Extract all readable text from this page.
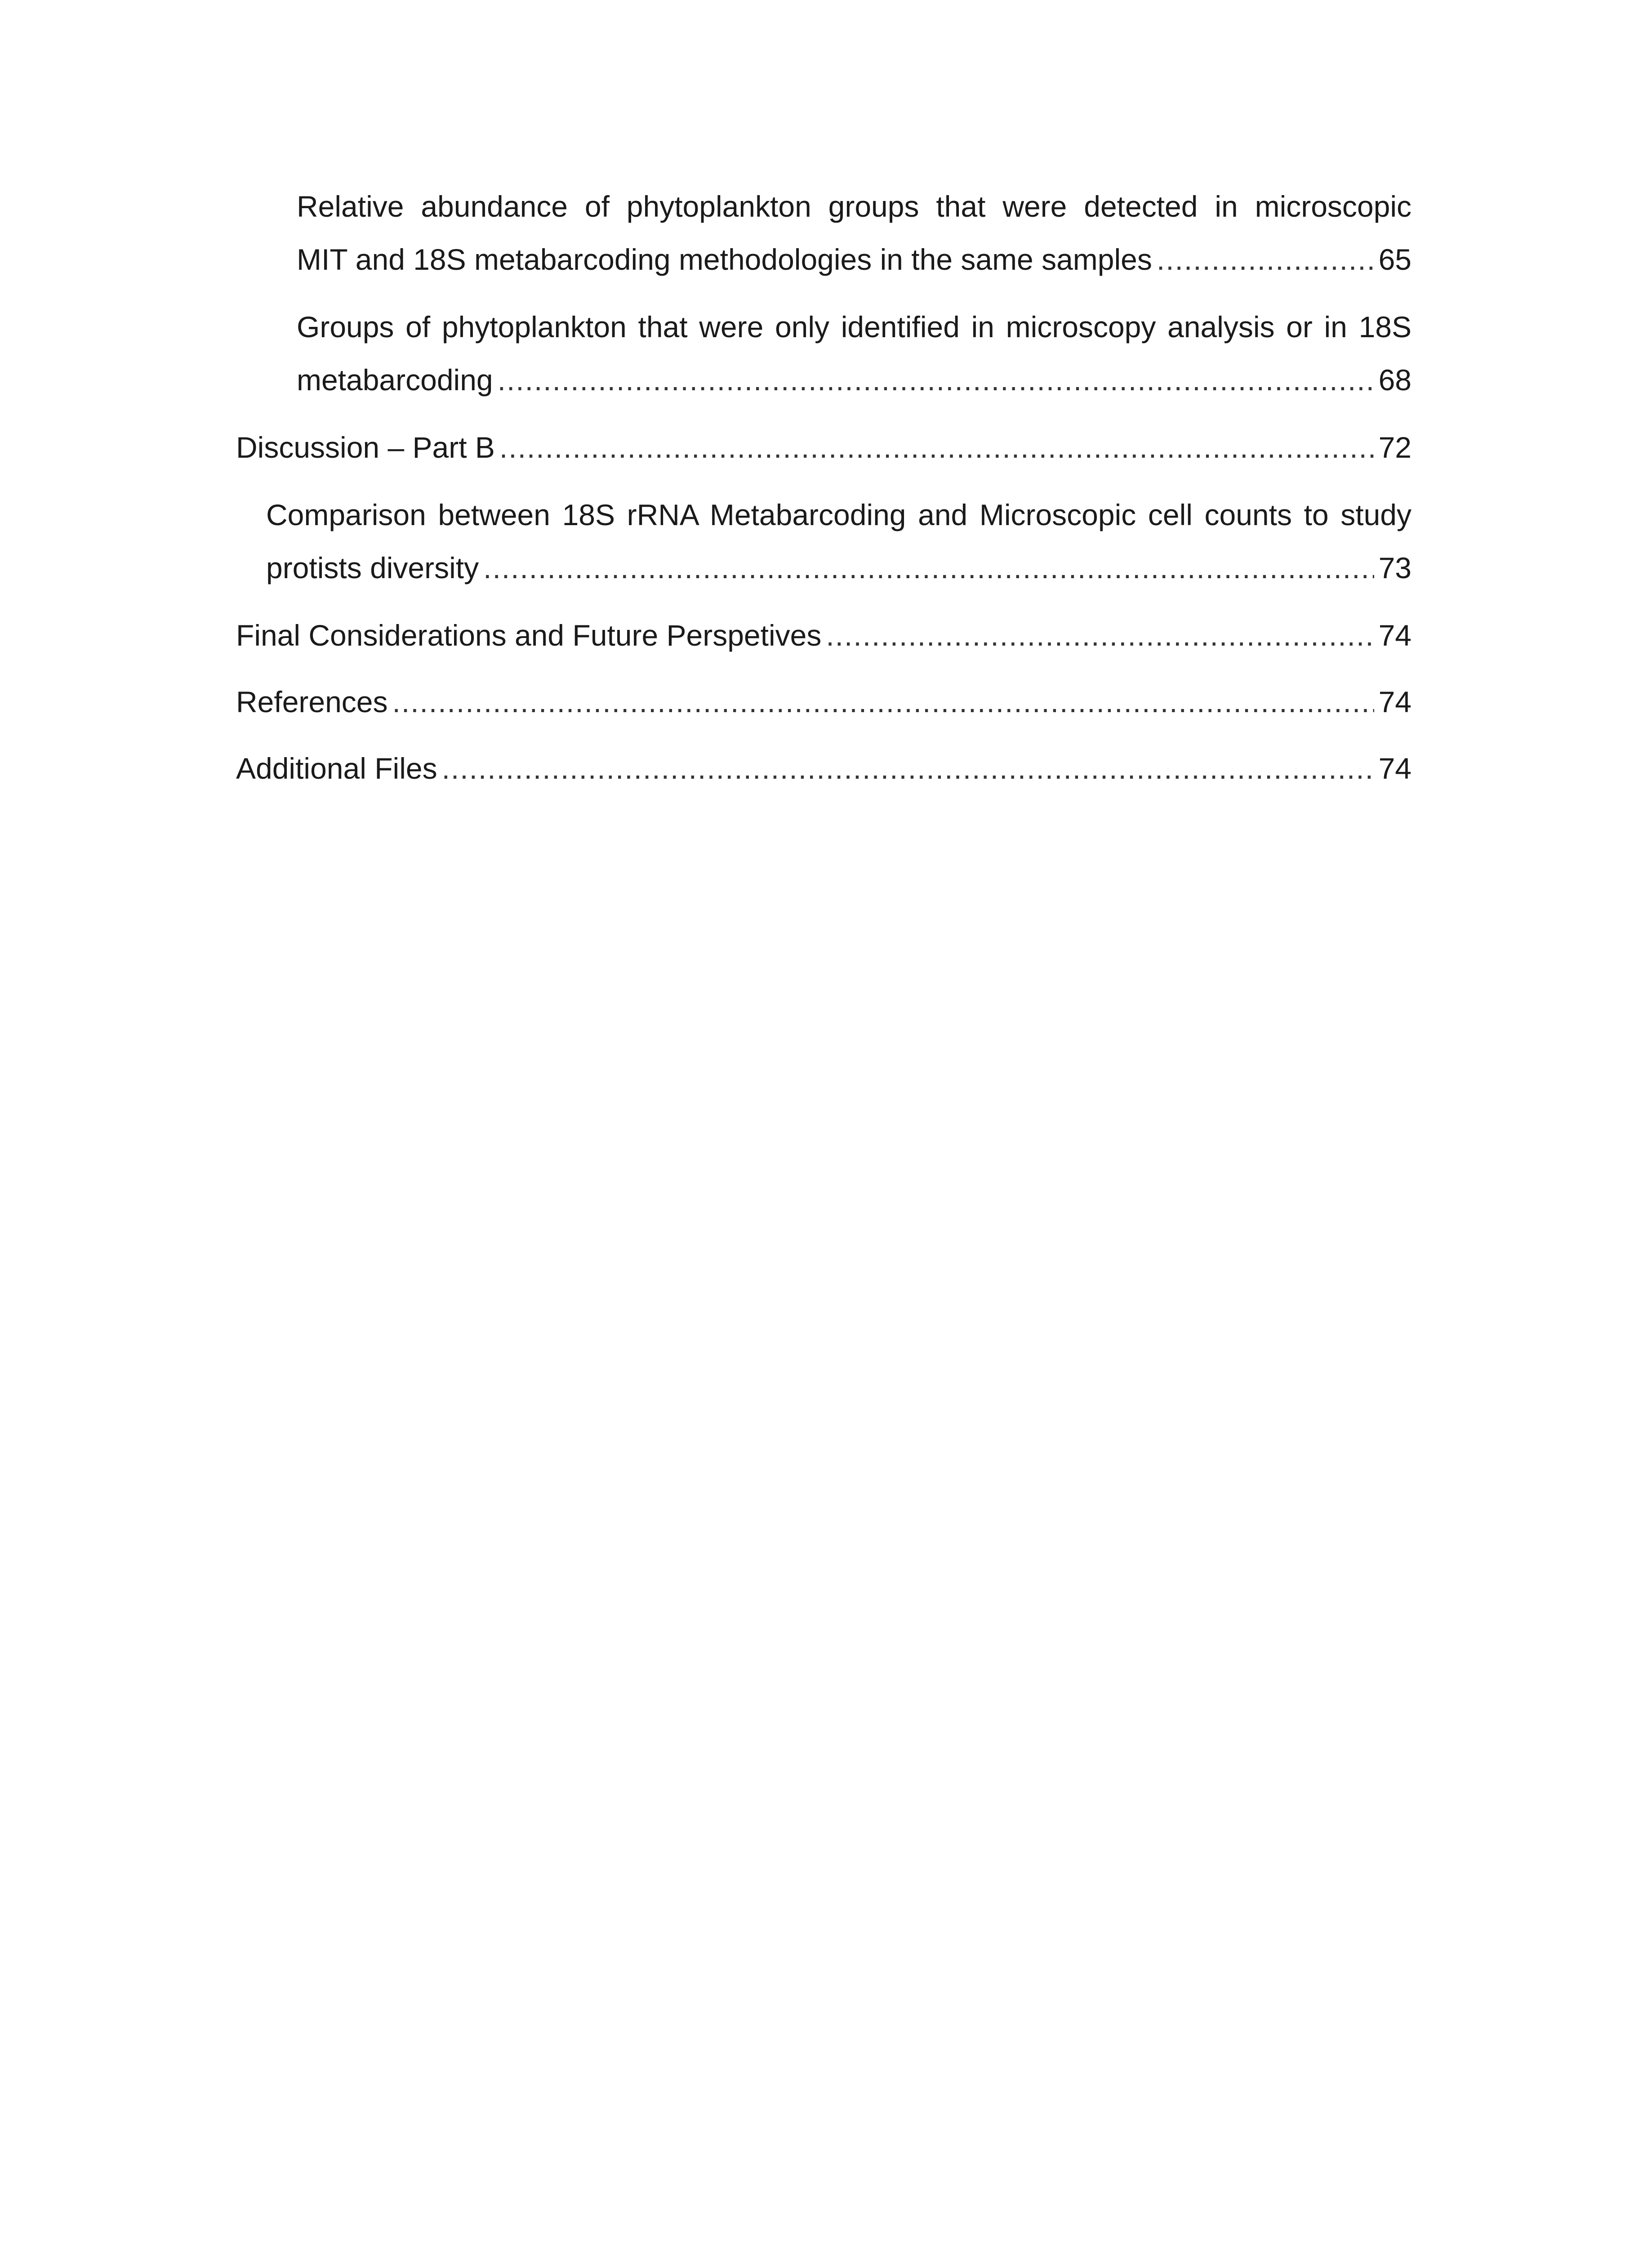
Relative abundance of phytoplankton groups that were detected in microscopic
MIT and 18S metabarcoding methodologies in the same samples .....	65
Groups of phytoplankton that were only identified in microscopy analysis or in 18S
metabarcoding .....	68
Discussion – Part B .....	72
Comparison between 18S rRNA Metabarcoding and Microscopic cell counts to study
protists diversity .....	73
Final Considerations and Future Perspetives .....	74
References .....	74
Additional Files .....	74
